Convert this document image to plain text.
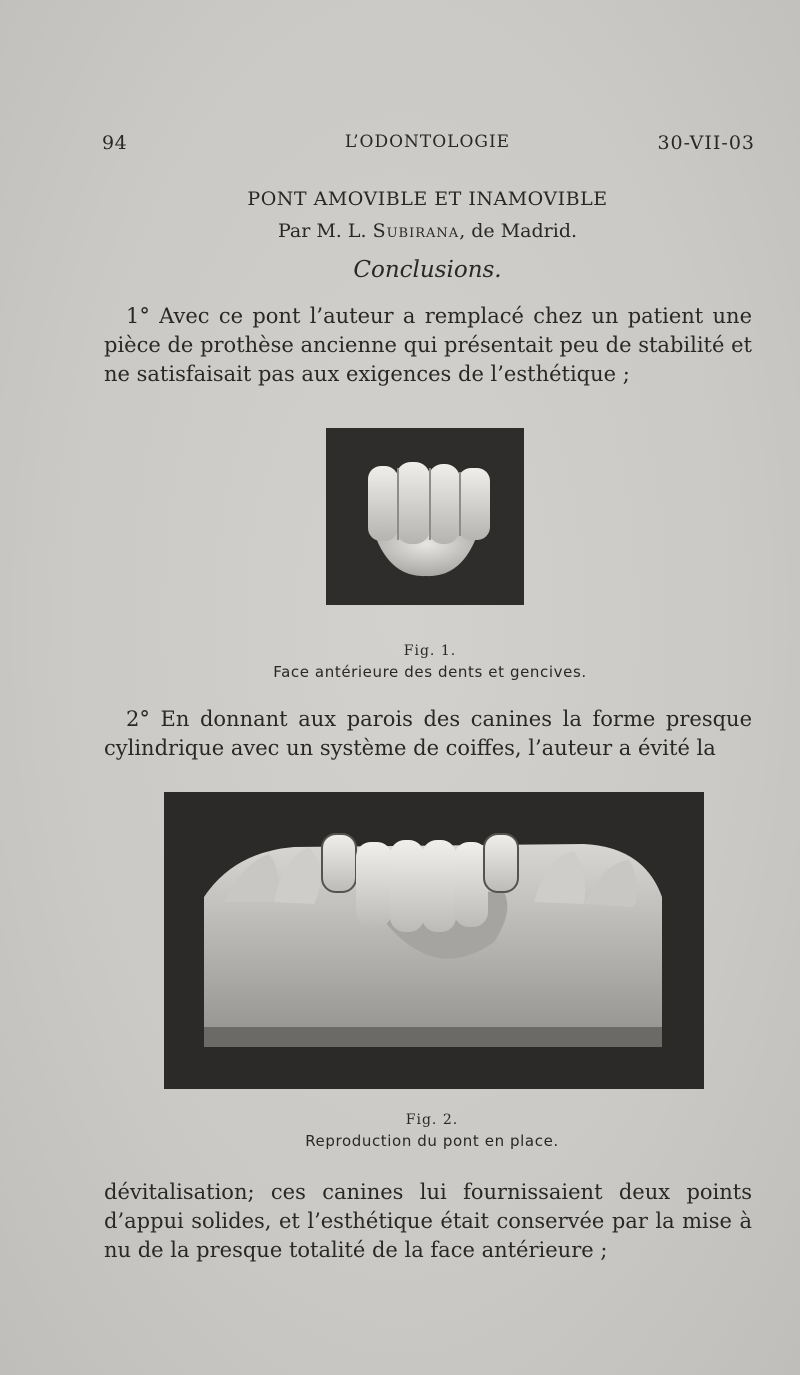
94	L’ODONTOLOGIE	30-VII-03
PONT AMOVIBLE ET INAMOVIBLE
Par M. L. Subirana, de Madrid.
Conclusions.
1° Avec ce pont l’auteur a remplacé chez un patient une pièce de prothèse ancienne qui présentait peu de stabilité et ne satisfaisait pas aux exigences de l’esthétique ;
Fig. 1.
Face antérieure des dents et gencives.
2° En donnant aux parois des canines la forme presque cylindrique avec un système de coiffes, l’auteur a évité la
Fig. 2.
Reproduction du pont en place.
dévitalisation; ces canines lui fournissaient deux points d’appui solides, et l’esthétique était conservée par la mise à nu de la presque totalité de la face antérieure ;
